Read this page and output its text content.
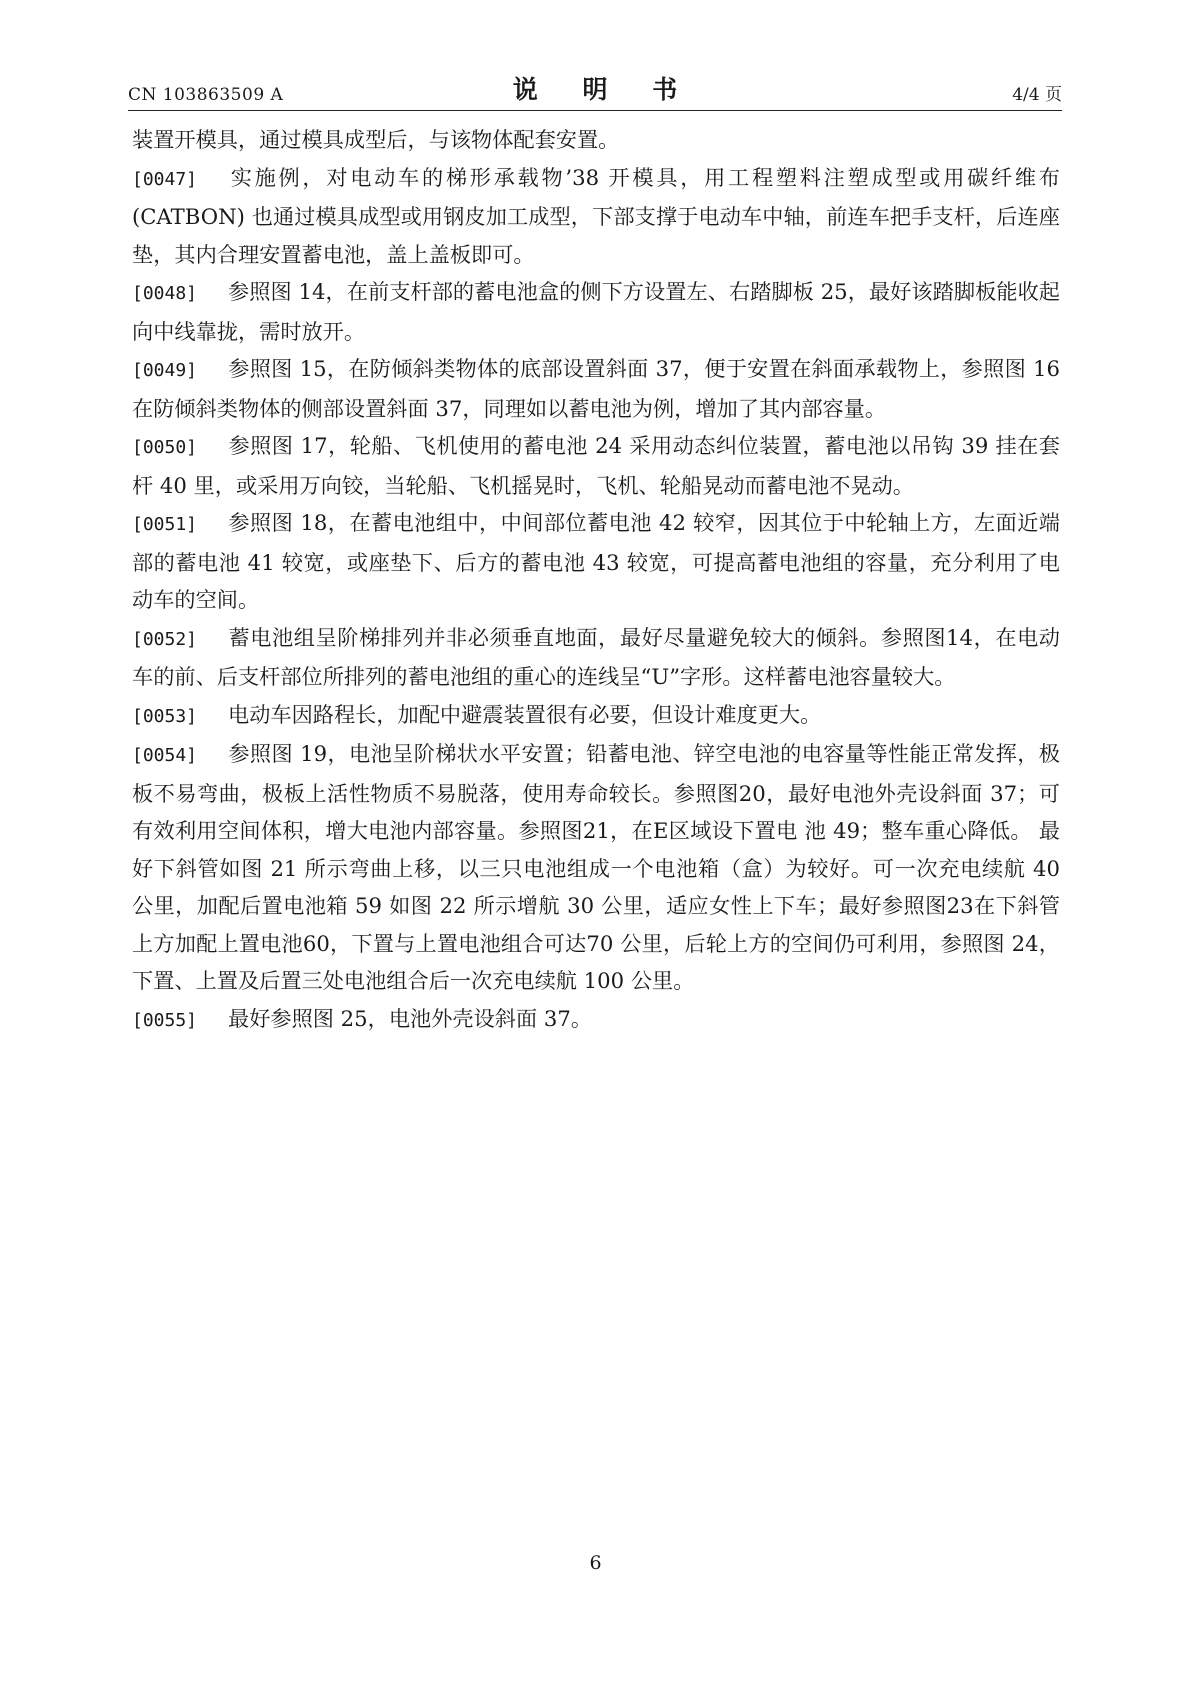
CN 103863509 A	说 明 书	4/4 页

装置开模具，通过模具成型后，与该物体配套安置。

[0047] 实施例，对电动车的梯形承载物’38 开模具，用工程塑料注塑成型或用碳纤维布 (CATBON) 也通过模具成型或用钢皮加工成型，下部支撑于电动车中轴，前连车把手支杆，后连座垫，其内合理安置蓄电池，盖上盖板即可。

[0048] 参照图 14，在前支杆部的蓄电池盒的侧下方设置左、右踏脚板 25，最好该踏脚板能收起向中线靠拢，需时放开。

[0049] 参照图 15，在防倾斜类物体的底部设置斜面 37，便于安置在斜面承载物上，参照图 16 在防倾斜类物体的侧部设置斜面 37，同理如以蓄电池为例，增加了其内部容量。

[0050] 参照图 17，轮船、飞机使用的蓄电池 24 采用动态纠位装置，蓄电池以吊钩 39 挂在套杆 40 里，或采用万向铰，当轮船、飞机摇晃时，飞机、轮船晃动而蓄电池不晃动。

[0051] 参照图 18，在蓄电池组中，中间部位蓄电池 42 较窄，因其位于中轮轴上方，左面近端部的蓄电池 41 较宽，或座垫下、后方的蓄电池 43 较宽，可提高蓄电池组的容量，充分利用了电动车的空间。

[0052] 蓄电池组呈阶梯排列并非必须垂直地面，最好尽量避免较大的倾斜。参照图14，在电动车的前、后支杆部位所排列的蓄电池组的重心的连线呈“U”字形。这样蓄电池容量较大。

[0053] 电动车因路程长，加配中避震装置很有必要，但设计难度更大。

[0054] 参照图 19，电池呈阶梯状水平安置；铅蓄电池、锌空电池的电容量等性能正常发挥，极板不易弯曲，极板上活性物质不易脱落，使用寿命较长。参照图20，最好电池外壳设斜面 37；可有效利用空间体积，增大电池内部容量。参照图21，在E区域设下置电 池 49；整车重心降低。 最好下斜管如图 21 所示弯曲上移，以三只电池组成一个电池箱（盒）为较好。可一次充电续航 40 公里，加配后置电池箱 59 如图 22 所示增航 30 公里，适应女性上下车；最好参照图23在下斜管上方加配上置电池60，下置与上置电池组合可达70 公里，后轮上方的空间仍可利用，参照图 24，下置、上置及后置三处电池组合后一次充电续航 100 公里。

[0055] 最好参照图 25，电池外壳设斜面 37。

6
